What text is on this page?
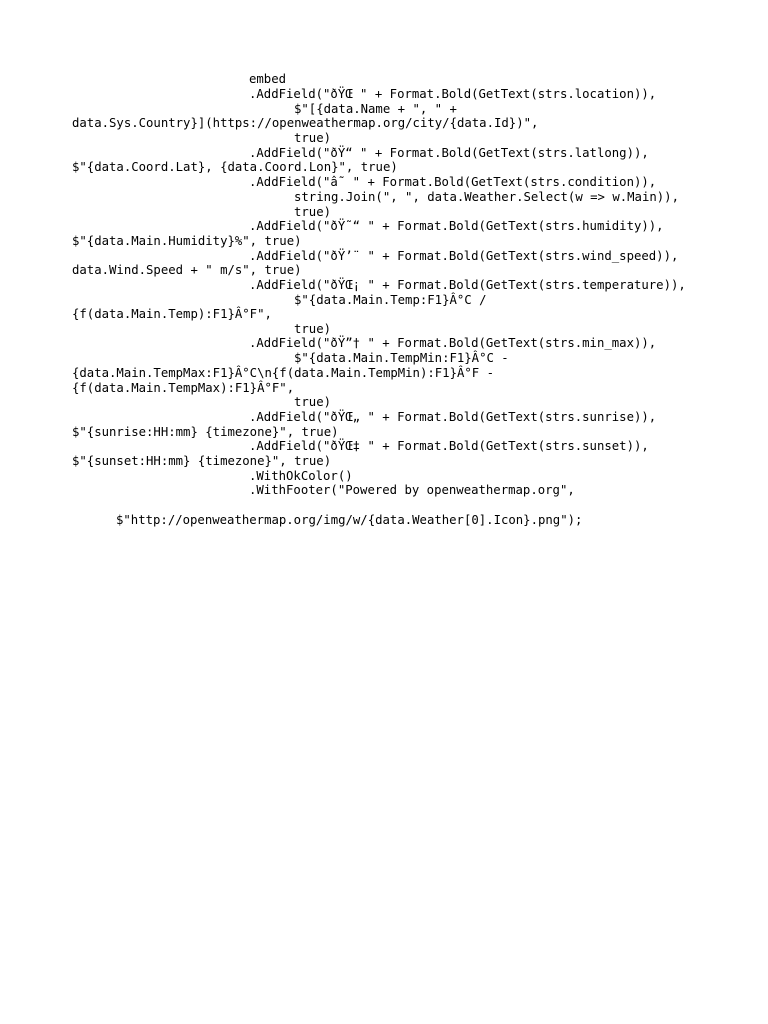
embed
.AddField("ðŸŒ " + Format.Bold(GetText(strs.location)),
$"[{data.Name + ", " +
data.Sys.Country}](https://openweathermap.org/city/{data.Id})",
true)
.AddField("ðŸ“ " + Format.Bold(GetText(strs.latlong)),
$"{data.Coord.Lat}, {data.Coord.Lon}", true)
.AddField("â˜ " + Format.Bold(GetText(strs.condition)),
string.Join(", ", data.Weather.Select(w => w.Main)),
true)
.AddField("ðŸ˜“ " + Format.Bold(GetText(strs.humidity)),
$"{data.Main.Humidity}%", true)
.AddField("ðŸ’¨ " + Format.Bold(GetText(strs.wind_speed)),
data.Wind.Speed + " m/s", true)
.AddField("ðŸŒ¡ " + Format.Bold(GetText(strs.temperature)),
$"{data.Main.Temp:F1}Â°C /
{f(data.Main.Temp):F1}Â°F",
true)
.AddField("ðŸ”† " + Format.Bold(GetText(strs.min_max)),
$"{data.Main.TempMin:F1}Â°C -
{data.Main.TempMax:F1}Â°C\n{f(data.Main.TempMin):F1}Â°F -
{f(data.Main.TempMax):F1}Â°F",
true)
.AddField("ðŸŒ„ " + Format.Bold(GetText(strs.sunrise)),
$"{sunrise:HH:mm} {timezone}", true)
.AddField("ðŸŒ‡ " + Format.Bold(GetText(strs.sunset)),
$"{sunset:HH:mm} {timezone}", true)
.WithOkColor()
.WithFooter("Powered by openweathermap.org",
$"http://openweathermap.org/img/w/{data.Weather[0].Icon}.png");
